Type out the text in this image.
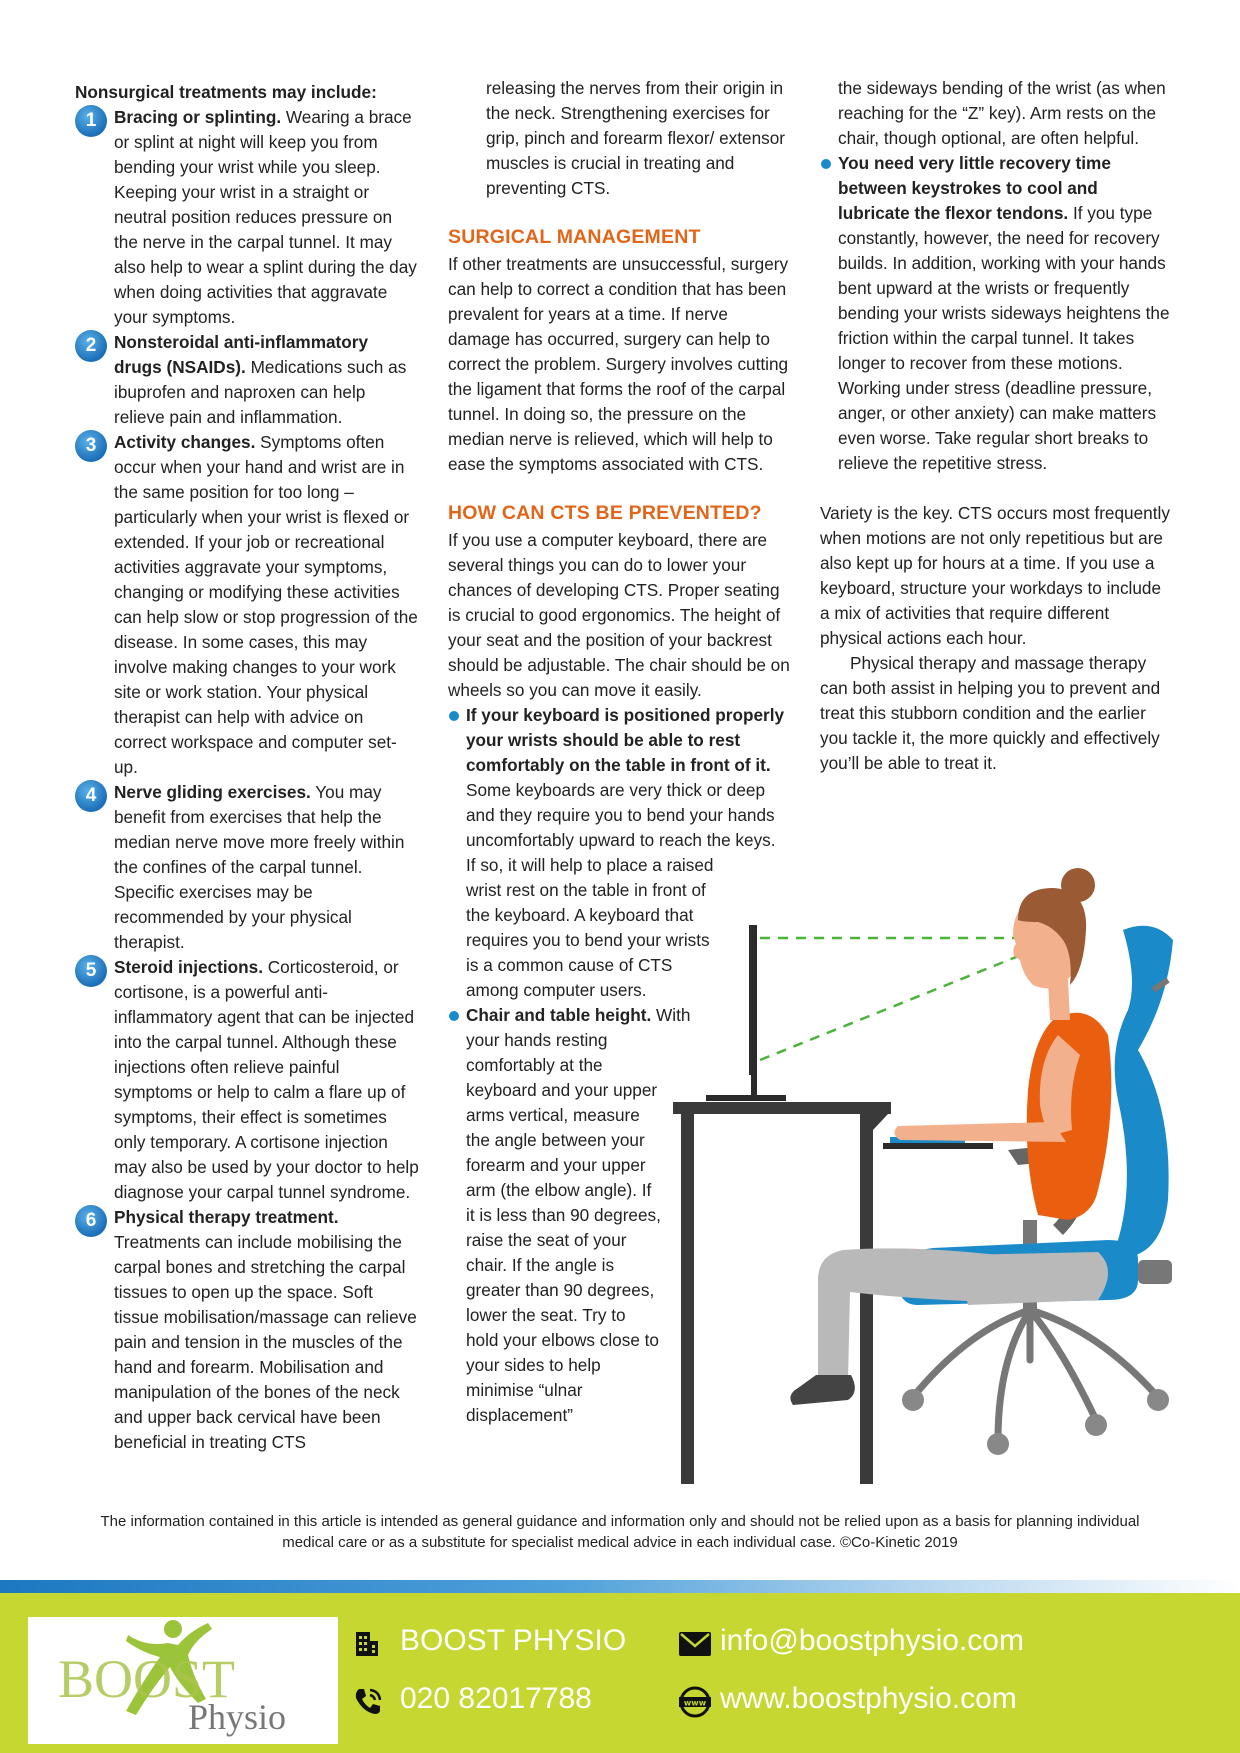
Nonsurgical treatments may include:

1	Bracing or splinting. Wearing a brace or splint at night will keep you from bending your wrist while you sleep. Keeping your wrist in a straight or neutral position reduces pressure on the nerve in the carpal tunnel. It may also help to wear a splint during the day when doing activities that aggravate your symptoms.

2	Nonsteroidal anti-inflammatory drugs (NSAIDs). Medications such as ibuprofen and naproxen can help relieve pain and inflammation.

3	Activity changes. Symptoms often occur when your hand and wrist are in the same position for too long – particularly when your wrist is flexed or extended. If your job or recreational activities aggravate your symptoms, changing or modifying these activities can help slow or stop progression of the disease. In some cases, this may involve making changes to your work site or work station. Your physical therapist can help with advice on correct workspace and computer set-up.

4	Nerve gliding exercises. You may benefit from exercises that help the median nerve move more freely within the confines of the carpal tunnel. Specific exercises may be recommended by your physical therapist.

5	Steroid injections. Corticosteroid, or cortisone, is a powerful anti-inflammatory agent that can be injected into the carpal tunnel. Although these injections often relieve painful symptoms or help to calm a flare up of symptoms, their effect is sometimes only temporary. A cortisone injection may also be used by your doctor to help diagnose your carpal tunnel syndrome.

6	Physical therapy treatment. Treatments can include mobilising the carpal bones and stretching the carpal tissues to open up the space. Soft tissue mobilisation/massage can relieve pain and tension in the muscles of the hand and forearm. Mobilisation and manipulation of the bones of the neck and upper back cervical have been beneficial in treating CTS

releasing the nerves from their origin in the neck. Strengthening exercises for grip, pinch and forearm flexor/ extensor muscles is crucial in treating and preventing CTS.

SURGICAL MANAGEMENT

If other treatments are unsuccessful, surgery can help to correct a condition that has been prevalent for years at a time. If nerve damage has occurred, surgery can help to correct the problem. Surgery involves cutting the ligament that forms the roof of the carpal tunnel. In doing so, the pressure on the median nerve is relieved, which will help to ease the symptoms associated with CTS.

HOW CAN CTS BE PREVENTED?

If you use a computer keyboard, there are several things you can do to lower your chances of developing CTS. Proper seating is crucial to good ergonomics. The height of your seat and the position of your backrest should be adjustable. The chair should be on wheels so you can move it easily.

If your keyboard is positioned properly your wrists should be able to rest comfortably on the table in front of it. Some keyboards are very thick or deep and they require you to bend your hands uncomfortably upward to reach the keys.

If so, it will help to place a raised wrist rest on the table in front of the keyboard. A keyboard that requires you to bend your wrists is a common cause of CTS among computer users.

Chair and table height. With

your hands resting comfortably at the keyboard and your upper arms vertical, measure the angle between your forearm and your upper arm (the elbow angle). If it is less than 90 degrees, raise the seat of your chair. If the angle is greater than 90 degrees, lower the seat. Try to hold your elbows close to your sides to help minimise “ulnar displacement”

the sideways bending of the wrist (as when reaching for the “Z” key). Arm rests on the chair, though optional, are often helpful.

You need very little recovery time between keystrokes to cool and lubricate the flexor tendons. If you type constantly, however, the need for recovery builds. In addition, working with your hands bent upward at the wrists or frequently bending your wrists sideways heightens the friction within the carpal tunnel. It takes longer to recover from these motions. Working under stress (deadline pressure, anger, or other anxiety) can make matters even worse. Take regular short breaks to relieve the repetitive stress.

Variety is the key. CTS occurs most frequently when motions are not only repetitious but are also kept up for hours at a time. If you use a keyboard, structure your workdays to include a mix of activities that require different physical actions each hour.

Physical therapy and massage therapy can both assist in helping you to prevent and treat this stubborn condition and the earlier you tackle it, the more quickly and effectively you’ll be able to treat it.

The information contained in this article is intended as general guidance and information only and should not be relied upon as a basis for planning individual medical care or as a substitute for specialist medical advice in each individual case. ©Co-Kinetic 2019

BOOST
Physio
BOOST PHYSIO
020 82017788
info@boostphysio.com
www www.boostphysio.com
